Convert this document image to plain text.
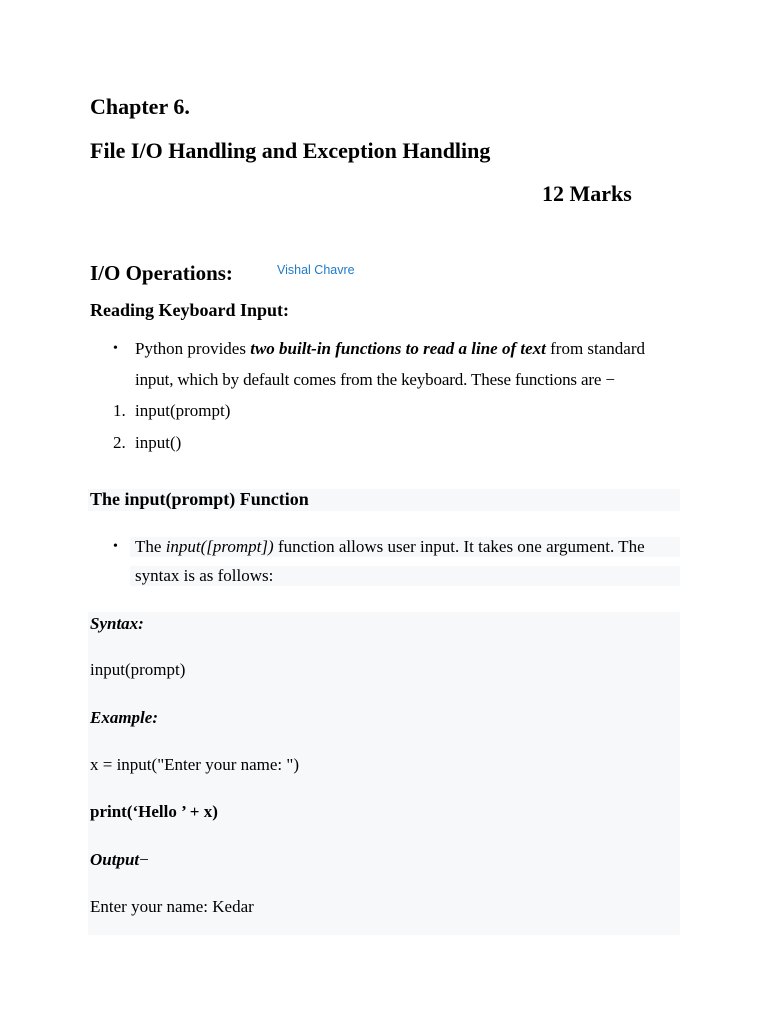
Chapter 6.
File I/O Handling and Exception Handling
12 Marks
I/O Operations:	Vishal Chavre
Reading Keyboard Input:
• Python provides two built-in functions to read a line of text from standard
input, which by default comes from the keyboard. These functions are −
1. input(prompt)
2. input()
The input(prompt) Function
• The input([prompt]) function allows user input. It takes one argument. The
syntax is as follows:
Syntax:
input(prompt)
Example:
x = input("Enter your name: ")
print(‘Hello ’ + x)
Output−
Enter your name: Kedar
